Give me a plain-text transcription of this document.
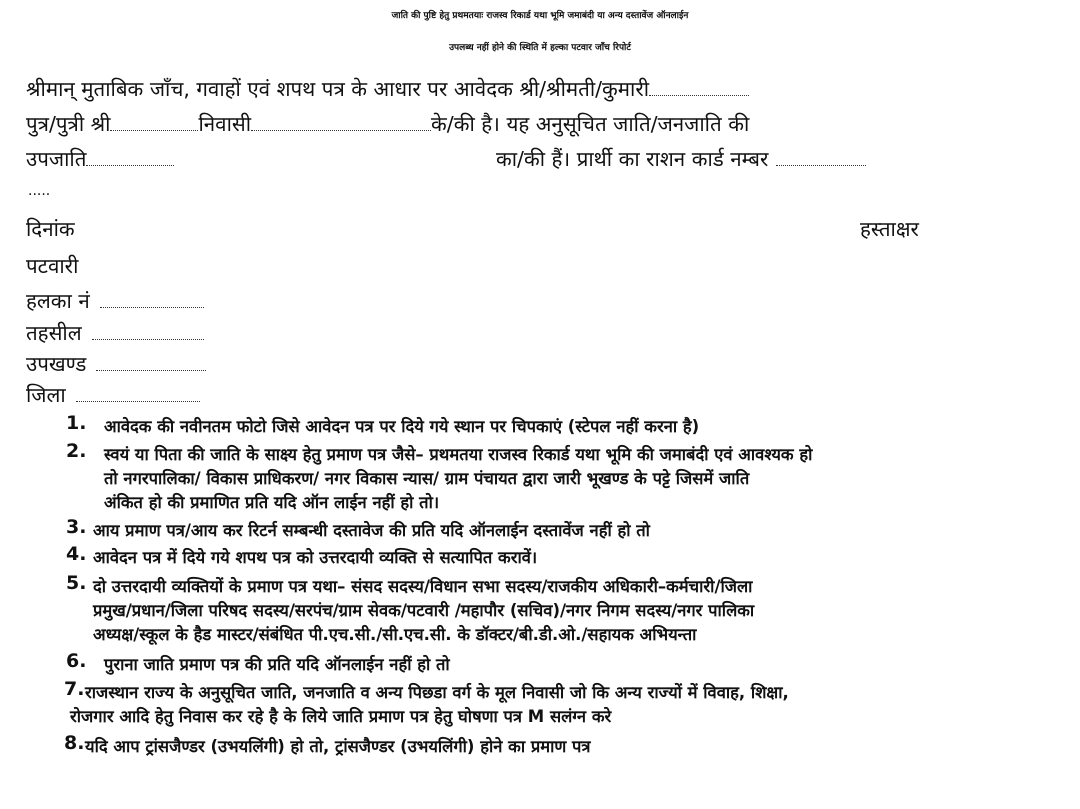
जाति की पुष्टि हेतु प्रथमतयाः राजस्व रिकार्ड यथा भूमि जमाबंदी या अन्य दस्तावेंज ऑनलाईन
उपलब्ध नहीं होने की स्थिति में हल्का पटवार जाँच रिपोर्ट
श्रीमान् मुताबिक जाँच, गवाहों एवं शपथ पत्र के आधार पर आवेदक श्री/श्रीमती/कुमारी
पुत्र/पुत्री श्री	निवासी	के/की है। यह अनुसूचित जाति/जनजाति की
उपजाति	का/की हैं। प्रार्थी का राशन कार्ड नम्बर
.....
दिनांक	हस्ताक्षर
पटवारी
हलका नं
तहसील
उपखण्ड
जिला
1. आवेदक की नवीनतम फोटो जिसे आवेदन पत्र पर दिये गये स्थान पर चिपकाएं (स्टेपल नहीं करना है)
2. स्वयं या पिता की जाति के साक्ष्य हेतु प्रमाण पत्र जैसे– प्रथमतया राजस्व रिकार्ड यथा भूमि की जमाबंदी एवं आवश्यक हो
तो नगरपालिका/ विकास प्राधिकरण/ नगर विकास न्यास/ ग्राम पंचायत द्वारा जारी भूखण्ड के पट्टे जिसमें जाति
अंकित हो की प्रमाणित प्रति यदि ऑन लाईन नहीं हो तो।
3. आय प्रमाण पत्र/आय कर रिटर्न सम्बन्धी दस्तावेज की प्रति यदि ऑनलाईन दस्तावेंज नहीं हो तो
4. आवेदन पत्र में दिये गये शपथ पत्र को उत्तरदायी व्यक्ति से सत्यापित करावें।
5. दो उत्तरदायी व्यक्तियों के प्रमाण पत्र यथा– संसद सदस्य/विधान सभा सदस्य/राजकीय अधिकारी–कर्मचारी/जिला
प्रमुख/प्रधान/जिला परिषद सदस्य/सरपंच/ग्राम सेवक/पटवारी /महापौर (सचिव)/नगर निगम सदस्य/नगर पालिका
अध्यक्ष/स्कूल के हैड मास्टर/संबंधित पी.एच.सी./सी.एच.सी. के डॉक्टर/बी.डी.ओ./सहायक अभियन्ता
6. पुराना जाति प्रमाण पत्र की प्रति यदि ऑनलाईन नहीं हो तो
7. राजस्थान राज्य के अनुसूचित जाति, जनजाति व अन्य पिछडा वर्ग के मूल निवासी जो कि अन्य राज्यों में विवाह, शिक्षा,
रोजगार आदि हेतु निवास कर रहे है के लिये जाति प्रमाण पत्र हेतु घोषणा पत्र M सलंग्न करे
8. यदि आप ट्रांसजैण्डर (उभयलिंगी) हो तो, ट्रांसजैण्डर (उभयलिंगी) होने का प्रमाण पत्र
